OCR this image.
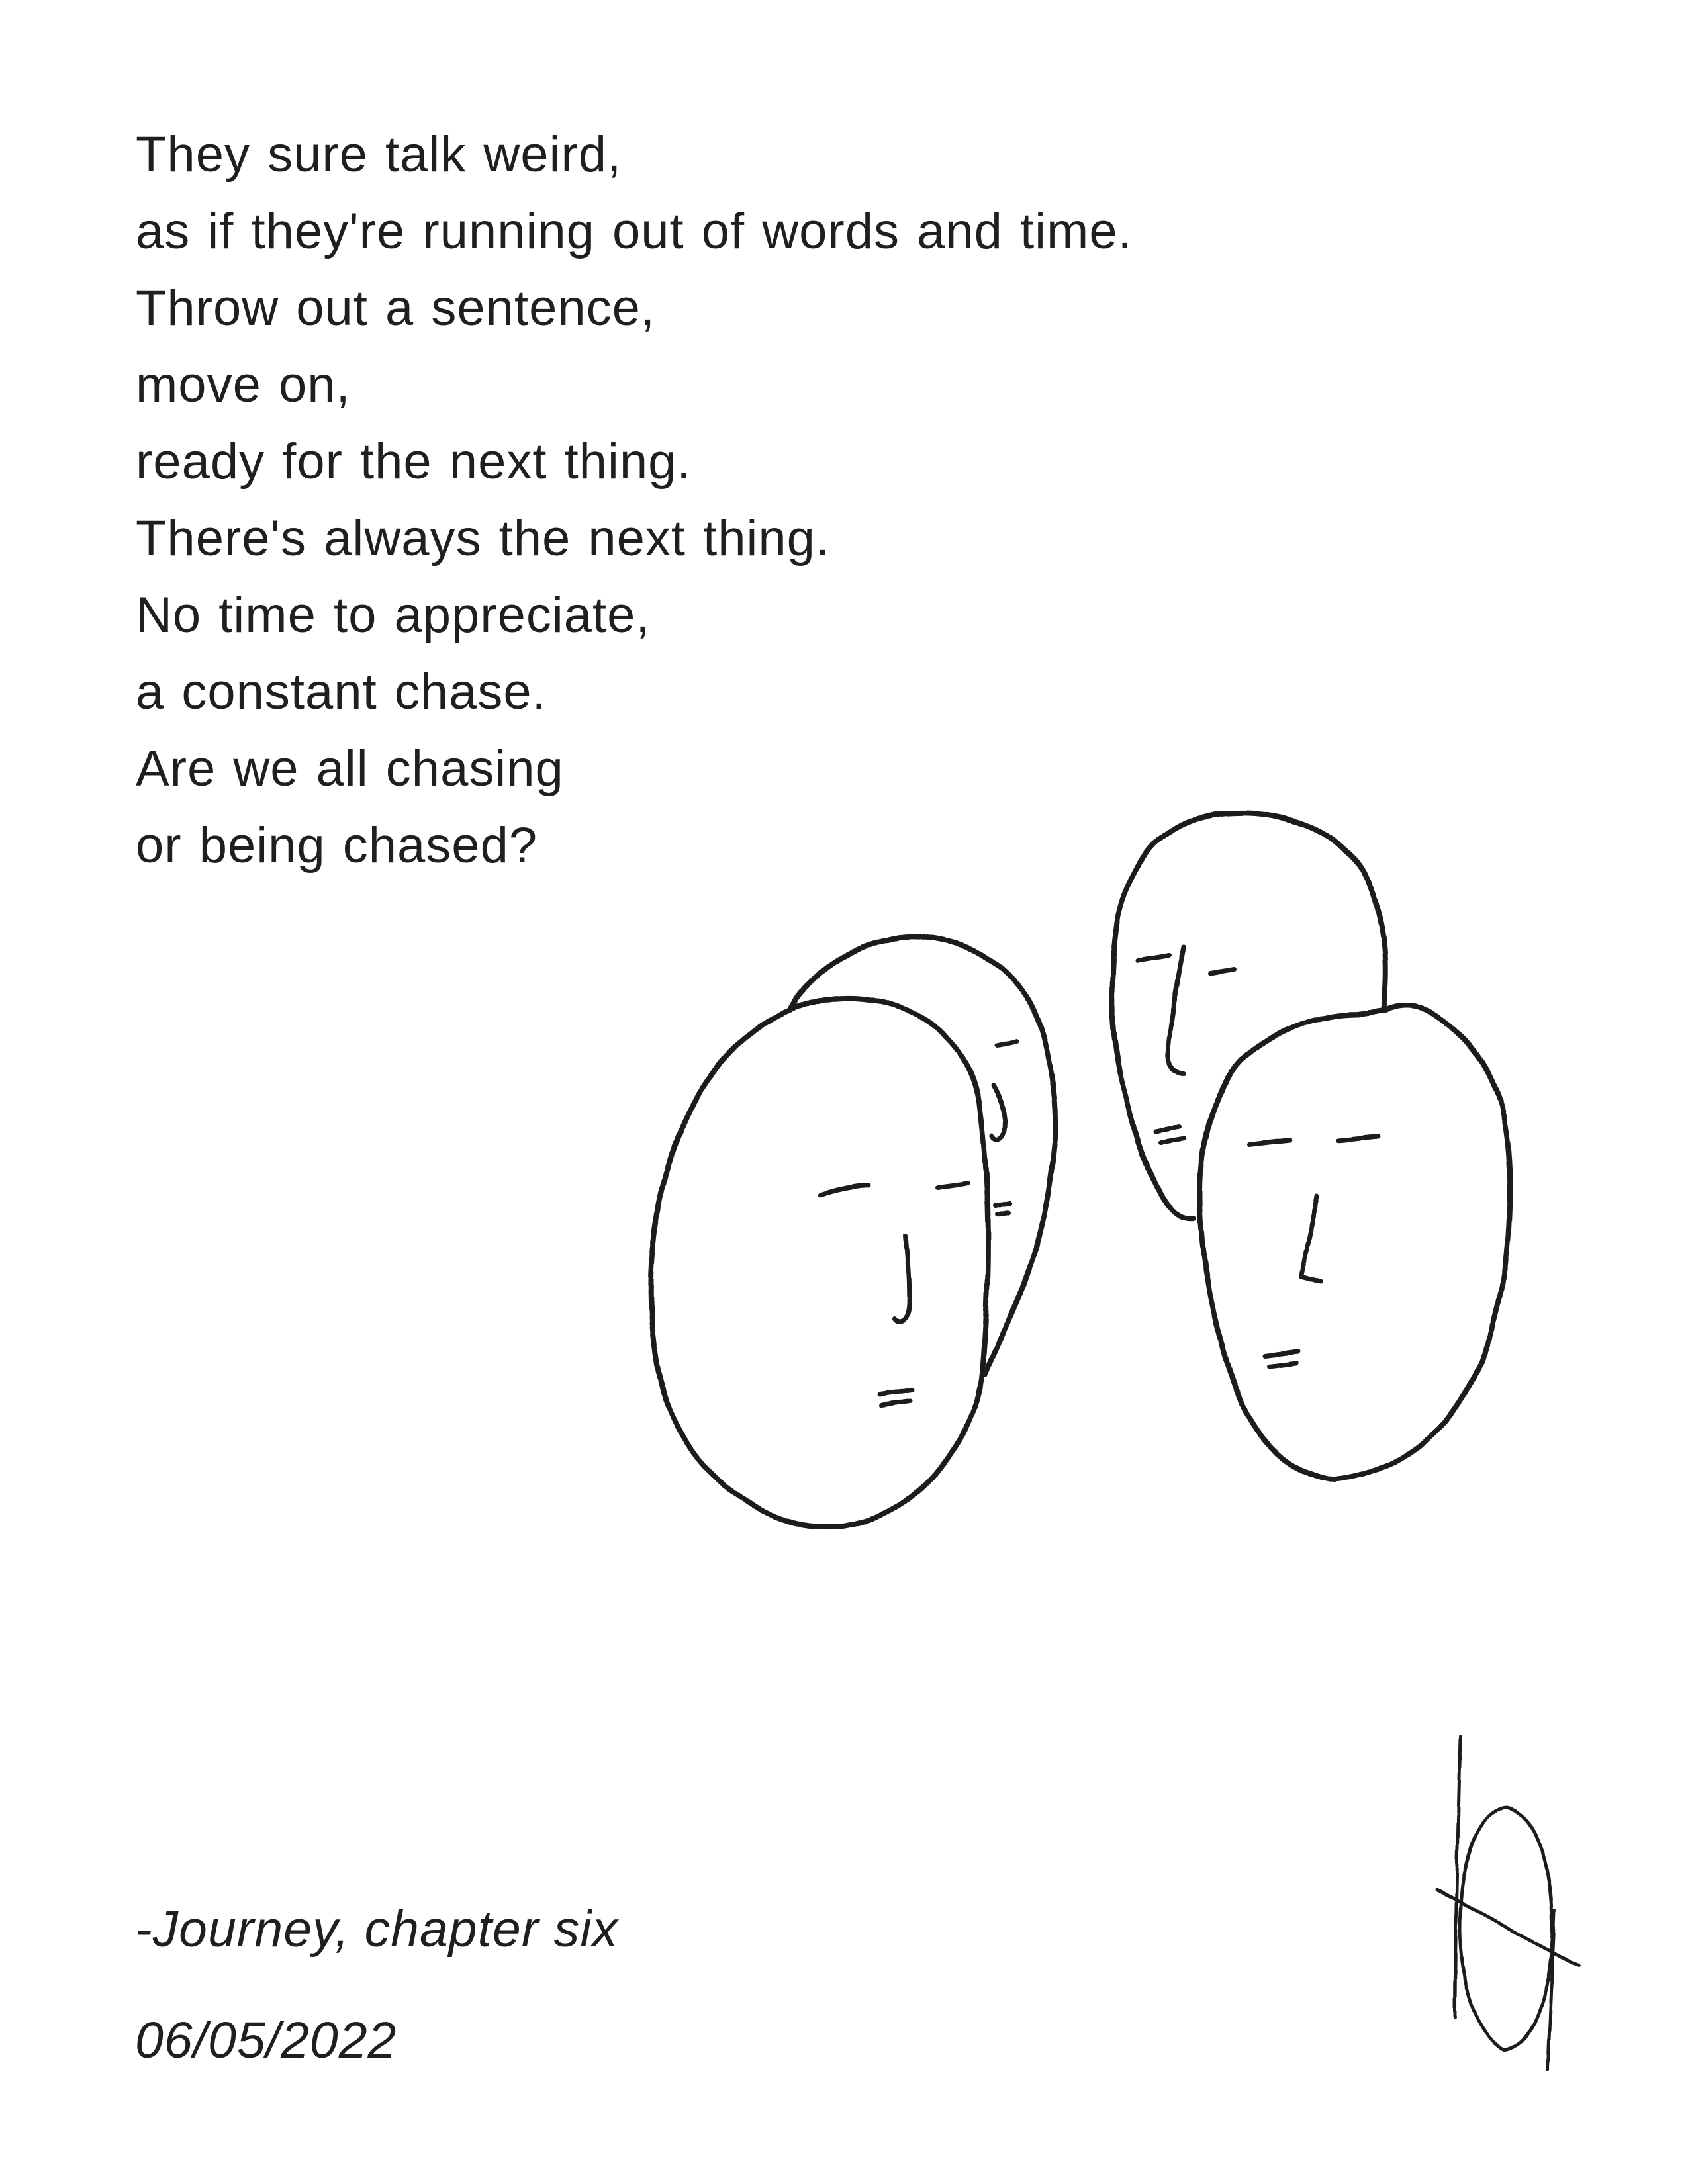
They sure talk weird,
as if they're running out of words and time.
Throw out a sentence,
move on,
ready for the next thing.
There's always the next thing.
No time to appreciate,
a constant chase.
Are we all chasing
or being chased?
-Journey, chapter six
06/05/2022
